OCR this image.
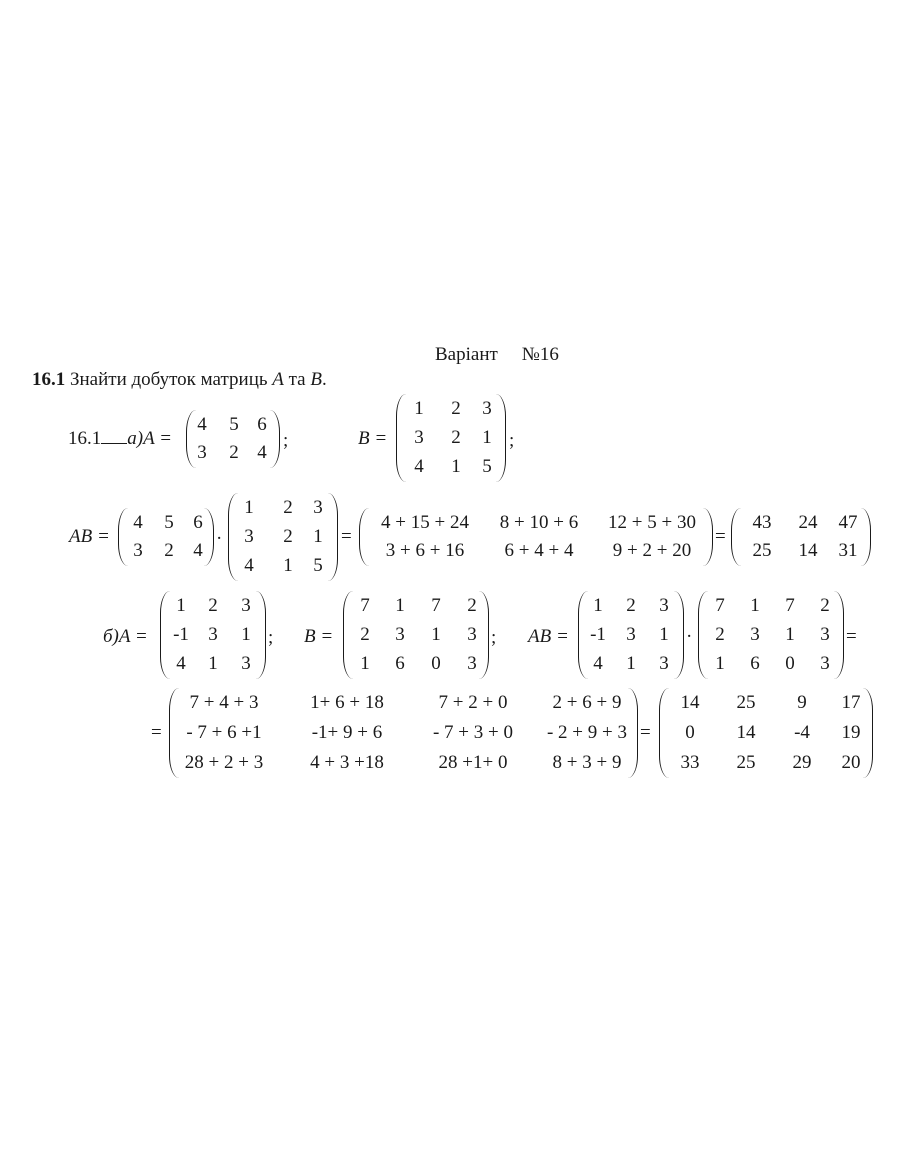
Варіант №16
16.1 Знайти добуток матриць A та B.
16.1 а)A =
4	5 6
3	2 4
;	B =
1	2	3
3	2	1
4	1	5
;
AB =
4	5	6
3	2	4
·
1	2	3
3	2	1
4	1	5
=
4 + 15 + 24	8 + 10 + 6	12 + 5 + 30
3 + 6 + 16	6 + 4 + 4	9 + 2 + 20
=
43	24	47
25	14	31
б)A =
1	2	3
-1	3	1
4	1	3
; B =
7	1	7	2
2	3	1	3
1	6	0	3
; AB =
1	2	3
-1	3	1
4	1	3
·
7	1	7	2
2	3	1	3
1	6	0	3
=
=
7 + 4 + 3	1+ 6 + 18	7 + 2 + 0	2 + 6 + 9
- 7 + 6 +1	-1+ 9 + 6	- 7 + 3 + 0	- 2 + 9 + 3
28 + 2 + 3	4 + 3 +18	28 +1+ 0	8 + 3 + 9
=
14	25	9	17
0	14	-4	19
33	25	29	20
